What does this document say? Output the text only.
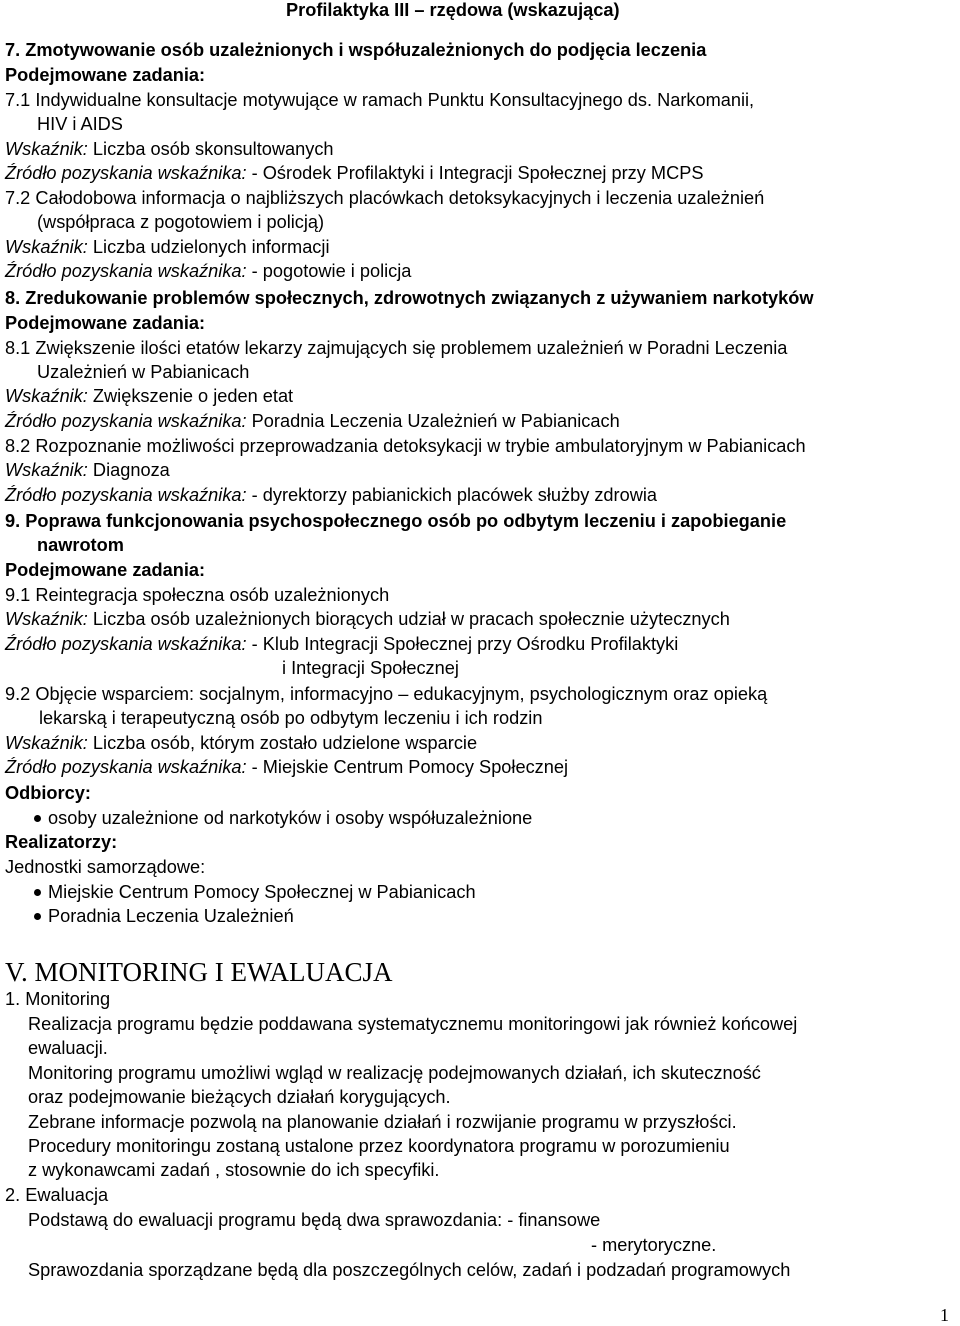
Profilaktyka III – rzędowa (wskazująca)
7. Zmotywowanie osób uzależnionych i współuzależnionych do podjęcia leczenia
Podejmowane zadania:
7.1 Indywidualne konsultacje motywujące w ramach Punktu Konsultacyjnego ds. Narkomanii,
HIV i AIDS
Wskaźnik: Liczba osób skonsultowanych
Źródło pozyskania wskaźnika: - Ośrodek Profilaktyki i Integracji Społecznej przy MCPS
7.2 Całodobowa informacja o najbliższych placówkach detoksykacyjnych i leczenia uzależnień
(współpraca z pogotowiem i policją)
Wskaźnik: Liczba udzielonych informacji
Źródło pozyskania wskaźnika: - pogotowie i policja
8. Zredukowanie problemów społecznych, zdrowotnych związanych z używaniem narkotyków
Podejmowane zadania:
8.1 Zwiększenie ilości etatów lekarzy zajmujących się problemem uzależnień w Poradni Leczenia
Uzależnień w Pabianicach
Wskaźnik: Zwiększenie o jeden etat
Źródło pozyskania wskaźnika: Poradnia Leczenia Uzależnień w Pabianicach
8.2 Rozpoznanie możliwości przeprowadzania detoksykacji w trybie ambulatoryjnym w Pabianicach
Wskaźnik: Diagnoza
Źródło pozyskania wskaźnika: - dyrektorzy pabianickich placówek służby zdrowia
9. Poprawa funkcjonowania psychospołecznego osób po odbytym leczeniu i zapobieganie
nawrotom
Podejmowane zadania:
9.1 Reintegracja społeczna osób uzależnionych
Wskaźnik: Liczba osób uzależnionych biorących udział w pracach społecznie użytecznych
Źródło pozyskania wskaźnika: - Klub Integracji Społecznej przy Ośrodku Profilaktyki
i Integracji Społecznej
9.2 Objęcie wsparciem: socjalnym, informacyjno – edukacyjnym, psychologicznym oraz opieką
lekarską i terapeutyczną osób po odbytym leczeniu i ich rodzin
Wskaźnik: Liczba osób, którym zostało udzielone wsparcie
Źródło pozyskania wskaźnika: - Miejskie Centrum Pomocy Społecznej
Odbiorcy:
osoby uzależnione od narkotyków i osoby współuzależnione
Realizatorzy:
Jednostki samorządowe:
Miejskie Centrum Pomocy Społecznej w Pabianicach
Poradnia Leczenia Uzależnień
V. MONITORING I EWALUACJA
1. Monitoring
Realizacja programu będzie poddawana systematycznemu monitoringowi jak również końcowej
ewaluacji.
Monitoring programu umożliwi wgląd w realizację podejmowanych działań, ich skuteczność
oraz podejmowanie bieżących działań korygujących.
Zebrane informacje pozwolą na planowanie działań i rozwijanie programu w przyszłości.
Procedury monitoringu zostaną ustalone przez koordynatora programu w porozumieniu
z wykonawcami zadań , stosownie do ich specyfiki.
2. Ewaluacja
Podstawą do ewaluacji programu będą dwa sprawozdania: - finansowe
- merytoryczne.
Sprawozdania sporządzane będą dla poszczególnych celów, zadań i podzadań programowych
1
